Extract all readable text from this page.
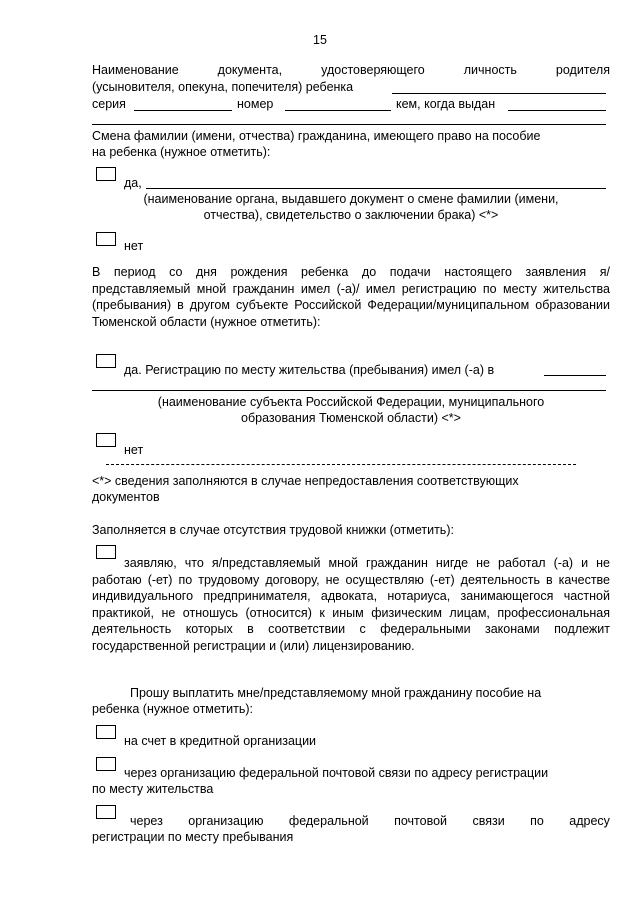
15
Наименование	документа,	удостоверяющего	личность	родителя
(усыновителя, опекуна, попечителя) ребенка
серия	номер	кем, когда выдан
Смена фамилии (имени, отчества) гражданина, имеющего право на пособие
на ребенка (нужное отметить):
да,
(наименование органа, выдавшего документ о смене фамилии (имени,
отчества), свидетельство о заключении брака) <*>
нет
В период со дня рождения ребенка до подачи настоящего заявления я/ представляемый мной гражданин имел (-а)/ имел регистрацию по месту жительства (пребывания) в другом субъекте Российской Федерации/муниципальном образовании Тюменской области (нужное отметить):
да. Регистрацию по месту жительства (пребывания) имел (-а) в
(наименование субъекта Российской Федерации, муниципального
образования Тюменской области) <*>
нет
<*> сведения заполняются в случае непредоставления соответствующих
документов
Заполняется в случае отсутствия трудовой книжки (отметить):
заявляю, что я/представляемый мной гражданин нигде не работал (-а) и не работаю (-ет) по трудовому договору, не осуществляю (-ет) деятельность в качестве индивидуального предпринимателя, адвоката, нотариуса, занимающегося частной практикой, не отношусь (относится) к иным физическим лицам, профессиональная деятельность которых в соответствии с федеральными законами подлежит государственной регистрации и (или) лицензированию.
Прошу выплатить мне/представляемому мной гражданину пособие на
ребенка (нужное отметить):
на счет в кредитной организации
через организацию федеральной почтовой связи по адресу регистрации
по месту жительства
через организацию федеральной почтовой связи по адресу
регистрации по месту пребывания
